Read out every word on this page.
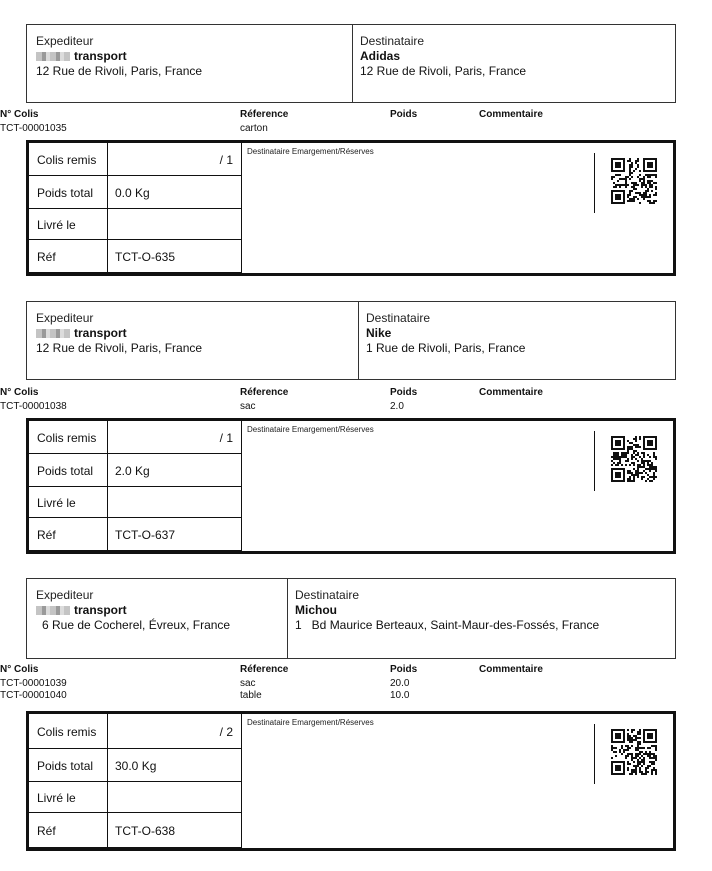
Expediteur
transport
12 Rue de Rivoli, Paris, France
Destinataire
Adidas
12 Rue de Rivoli, Paris, France
N° Colis	Réference	Poids	Commentaire
TCT-00001035	carton
Colis remis	/ 1
Poids total 0.0 Kg
Livré le
Réf	TCT-O-635
Destinataire Emargement/Réserves
Expediteur
transport
12 Rue de Rivoli, Paris, France
Destinataire
Nike
1 Rue de Rivoli, Paris, France
N° Colis	Réference	Poids	Commentaire
TCT-00001038	sac	2.0
Colis remis	/ 1
Poids total 2.0 Kg
Livré le
Réf	TCT-O-637
Destinataire Emargement/Réserves
Expediteur
transport
6 Rue de Cocherel, Évreux, France
Destinataire
Michou
1   Bd Maurice Berteaux, Saint-Maur-des-Fossés, France
N° Colis	Réference	Poids	Commentaire
TCT-00001039	sac	20.0
TCT-00001040	table	10.0
Colis remis	/ 2
Poids total 30.0 Kg
Livré le
Réf	TCT-O-638
Destinataire Emargement/Réserves
